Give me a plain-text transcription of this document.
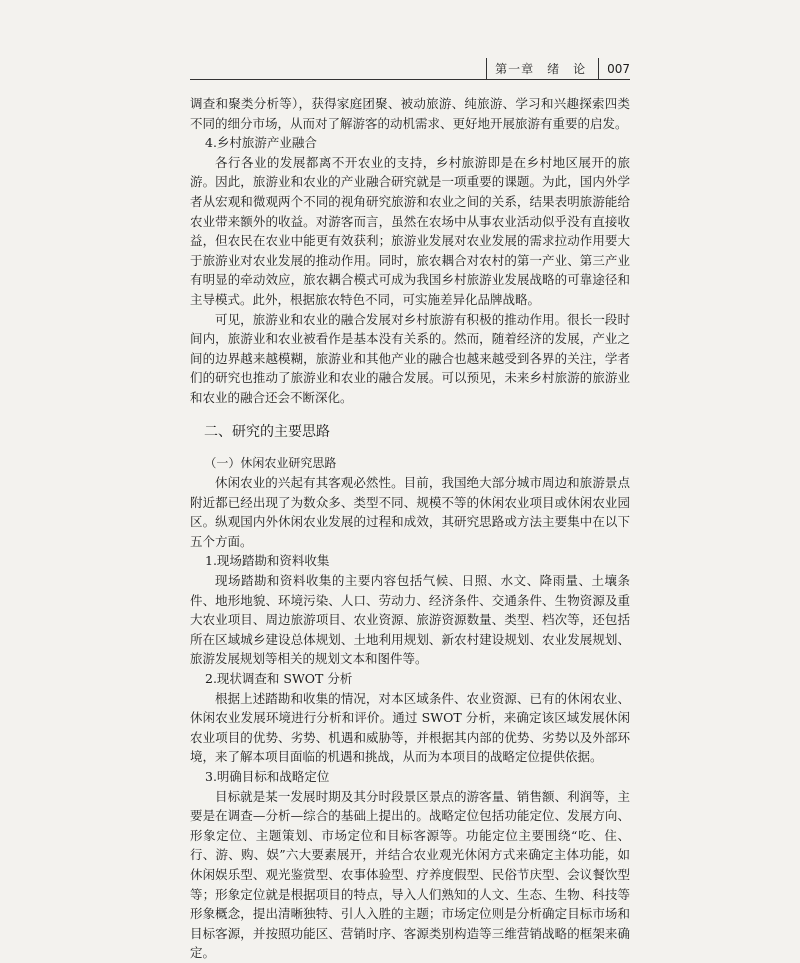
第一章　绪　论	007

调查和聚类分析等），获得家庭团聚、被动旅游、纯旅游、学习和兴趣探索四类不同的细分市场，从而对了解游客的动机需求、更好地开展旅游有重要的启发。

4.乡村旅游产业融合

各行各业的发展都离不开农业的支持，乡村旅游即是在乡村地区展开的旅游。因此，旅游业和农业的产业融合研究就是一项重要的课题。为此，国内外学者从宏观和微观两个不同的视角研究旅游和农业之间的关系，结果表明旅游能给农业带来额外的收益。对游客而言，虽然在农场中从事农业活动似乎没有直接收益，但农民在农业中能更有效获利；旅游业发展对农业发展的需求拉动作用要大于旅游业对农业发展的推动作用。同时，旅农耦合对农村的第一产业、第三产业有明显的牵动效应，旅农耦合模式可成为我国乡村旅游业发展战略的可靠途径和主导模式。此外，根据旅农特色不同，可实施差异化品牌战略。

可见，旅游业和农业的融合发展对乡村旅游有积极的推动作用。很长一段时间内，旅游业和农业被看作是基本没有关系的。然而，随着经济的发展，产业之间的边界越来越模糊，旅游业和其他产业的融合也越来越受到各界的关注，学者们的研究也推动了旅游业和农业的融合发展。可以预见，未来乡村旅游的旅游业和农业的融合还会不断深化。

二、研究的主要思路

（一）休闲农业研究思路

休闲农业的兴起有其客观必然性。目前，我国绝大部分城市周边和旅游景点附近都已经出现了为数众多、类型不同、规模不等的休闲农业项目或休闲农业园区。纵观国内外休闲农业发展的过程和成效，其研究思路或方法主要集中在以下五个方面。

1.现场踏勘和资料收集

现场踏勘和资料收集的主要内容包括气候、日照、水文、降雨量、土壤条件、地形地貌、环境污染、人口、劳动力、经济条件、交通条件、生物资源及重大农业项目、周边旅游项目、农业资源、旅游资源数量、类型、档次等，还包括所在区域城乡建设总体规划、土地利用规划、新农村建设规划、农业发展规划、旅游发展规划等相关的规划文本和图件等。

2.现状调查和 SWOT 分析

根据上述踏勘和收集的情况，对本区域条件、农业资源、已有的休闲农业、休闲农业发展环境进行分析和评价。通过 SWOT 分析，来确定该区域发展休闲农业项目的优势、劣势、机遇和威胁等，并根据其内部的优势、劣势以及外部环境，来了解本项目面临的机遇和挑战，从而为本项目的战略定位提供依据。

3.明确目标和战略定位

目标就是某一发展时期及其分时段景区景点的游客量、销售额、利润等，主要是在调查—分析—综合的基础上提出的。战略定位包括功能定位、发展方向、形象定位、主题策划、市场定位和目标客源等。功能定位主要围绕“吃、住、行、游、购、娱”六大要素展开，并结合农业观光休闲方式来确定主体功能，如休闲娱乐型、观光鉴赏型、农事体验型、疗养度假型、民俗节庆型、会议餐饮型等；形象定位就是根据项目的特点，导入人们熟知的人文、生态、生物、科技等形象概念，提出清晰独特、引人入胜的主题；市场定位则是分析确定目标市场和目标客源，并按照功能区、营销时序、客源类别构造等三维营销战略的框架来确定。
